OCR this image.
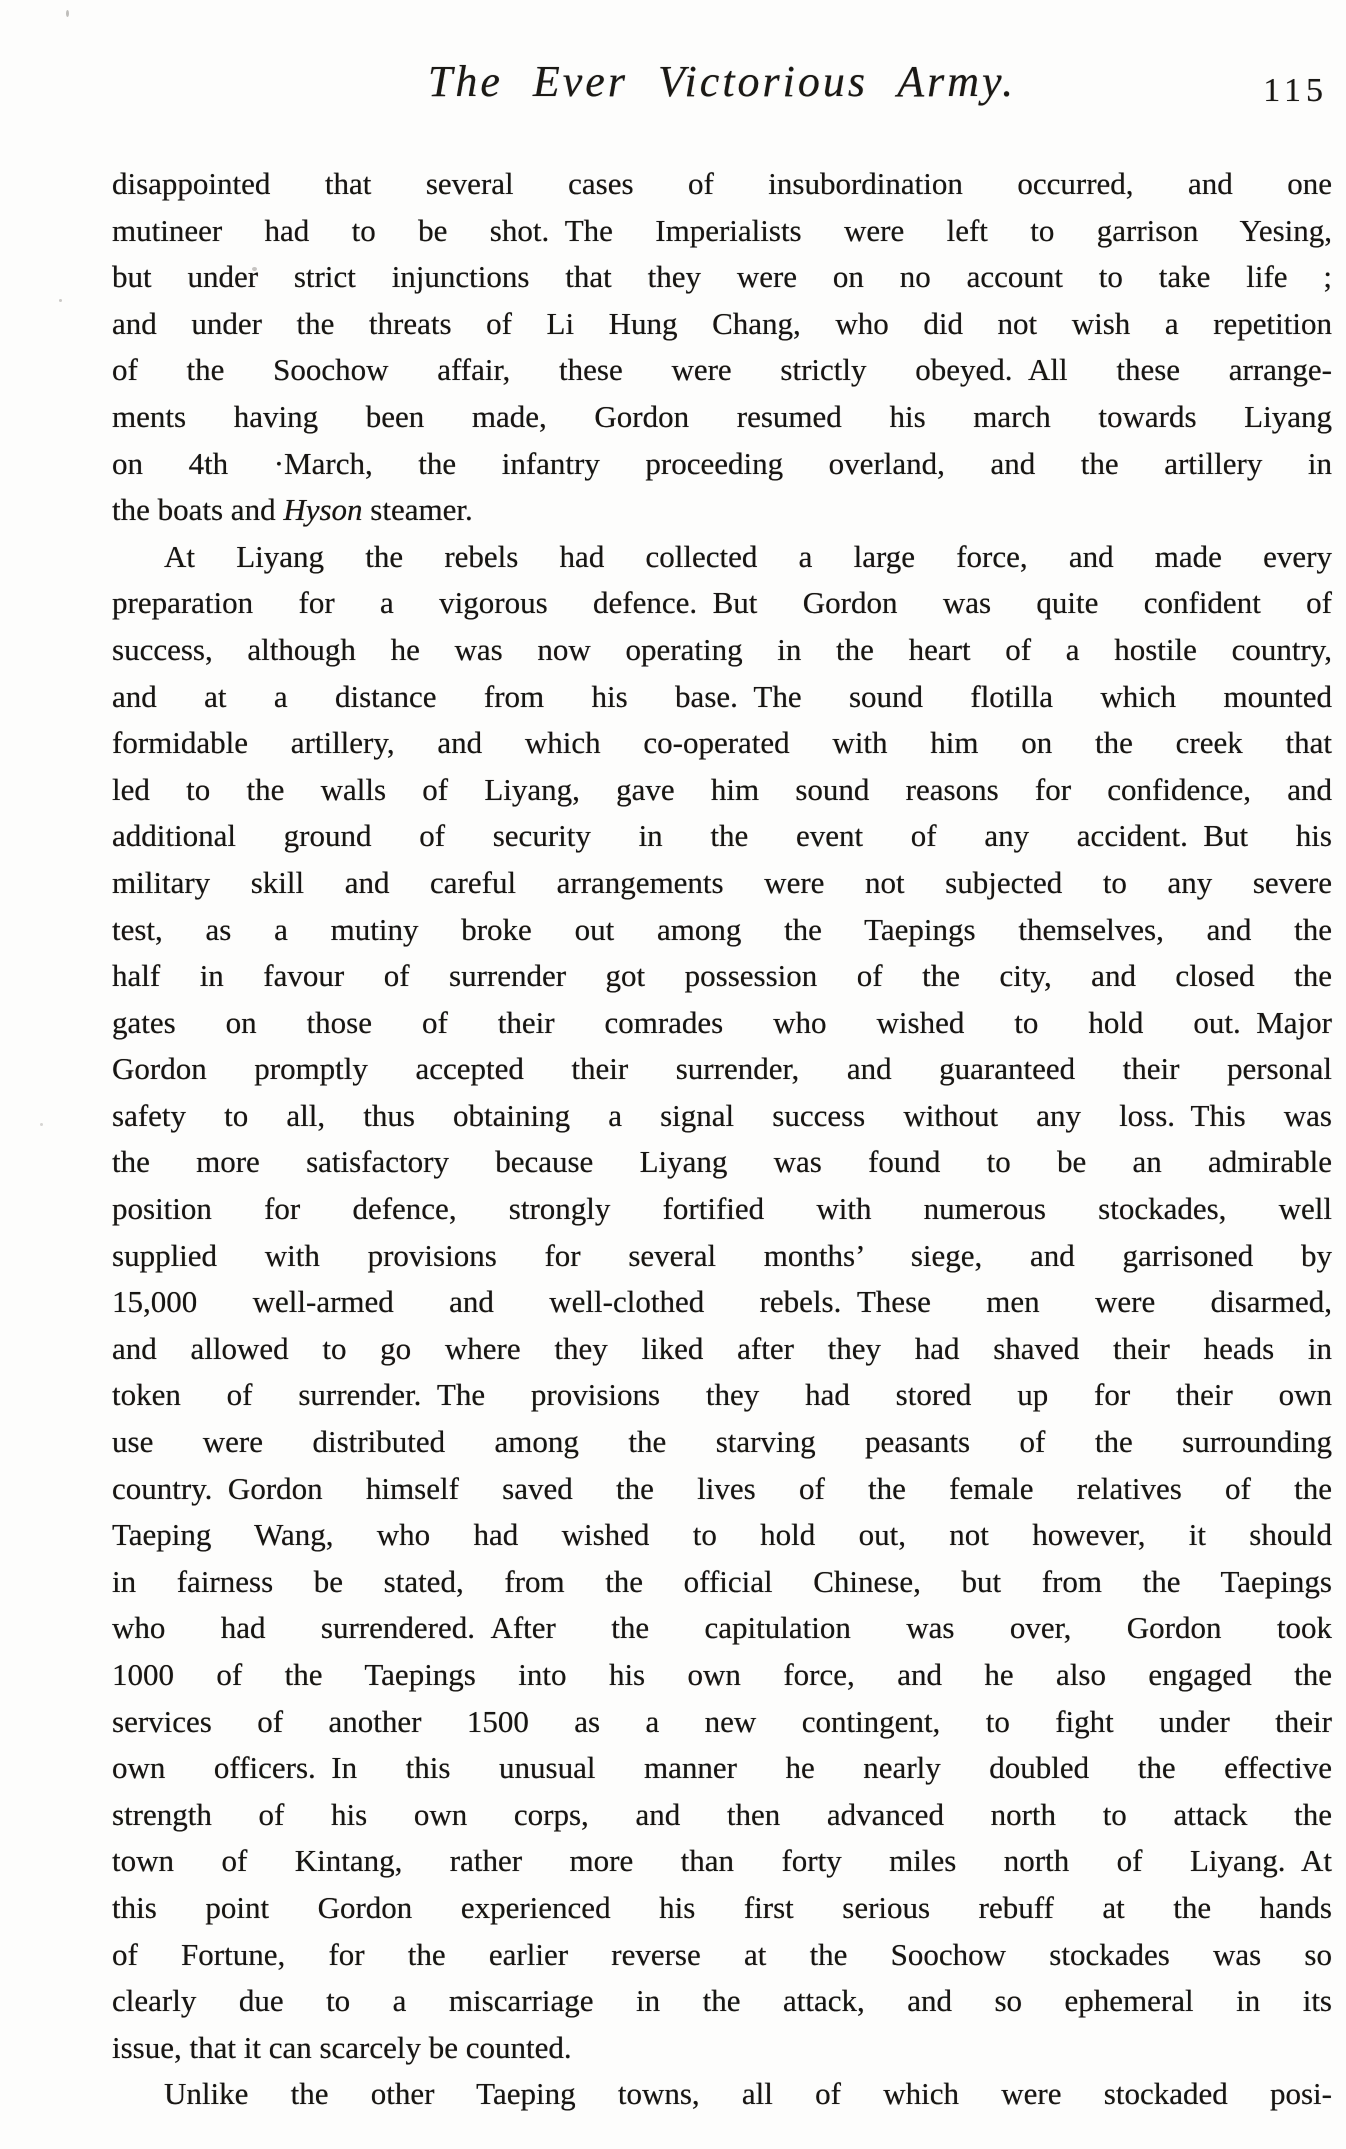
The Ever Victorious Army.	115
disappointed that several cases of insubordination occurred, and one
mutineer had to be shot. The Imperialists were left to garrison Yesing,
but under strict injunctions that they were on no account to take life ;
and under the threats of Li Hung Chang, who did not wish a repetition
of the Soochow affair, these were strictly obeyed. All these arrange-
ments having been made, Gordon resumed his march towards Liyang
on 4th ·March, the infantry proceeding overland, and the artillery in
the boats and Hyson steamer.
At Liyang the rebels had collected a large force, and made every
preparation for a vigorous defence. But Gordon was quite confident of
success, although he was now operating in the heart of a hostile country,
and at a distance from his base. The sound flotilla which mounted
formidable artillery, and which co-operated with him on the creek that
led to the walls of Liyang, gave him sound reasons for confidence, and
additional ground of security in the event of any accident. But his
military skill and careful arrangements were not subjected to any severe
test, as a mutiny broke out among the Taepings themselves, and the
half in favour of surrender got possession of the city, and closed the
gates on those of their comrades who wished to hold out. Major
Gordon promptly accepted their surrender, and guaranteed their personal
safety to all, thus obtaining a signal success without any loss. This was
the more satisfactory because Liyang was found to be an admirable
position for defence, strongly fortified with numerous stockades, well
supplied with provisions for several months’ siege, and garrisoned by
15,000 well-armed and well-clothed rebels. These men were disarmed,
and allowed to go where they liked after they had shaved their heads in
token of surrender. The provisions they had stored up for their own
use were distributed among the starving peasants of the surrounding
country. Gordon himself saved the lives of the female relatives of the
Taeping Wang, who had wished to hold out, not however, it should
in fairness be stated, from the official Chinese, but from the Taepings
who had surrendered. After the capitulation was over, Gordon took
1000 of the Taepings into his own force, and he also engaged the
services of another 1500 as a new contingent, to fight under their
own officers. In this unusual manner he nearly doubled the effective
strength of his own corps, and then advanced north to attack the
town of Kintang, rather more than forty miles north of Liyang. At
this point Gordon experienced his first serious rebuff at the hands
of Fortune, for the earlier reverse at the Soochow stockades was so
clearly due to a miscarriage in the attack, and so ephemeral in its
issue, that it can scarcely be counted.
Unlike the other Taeping towns, all of which were stockaded posi-
